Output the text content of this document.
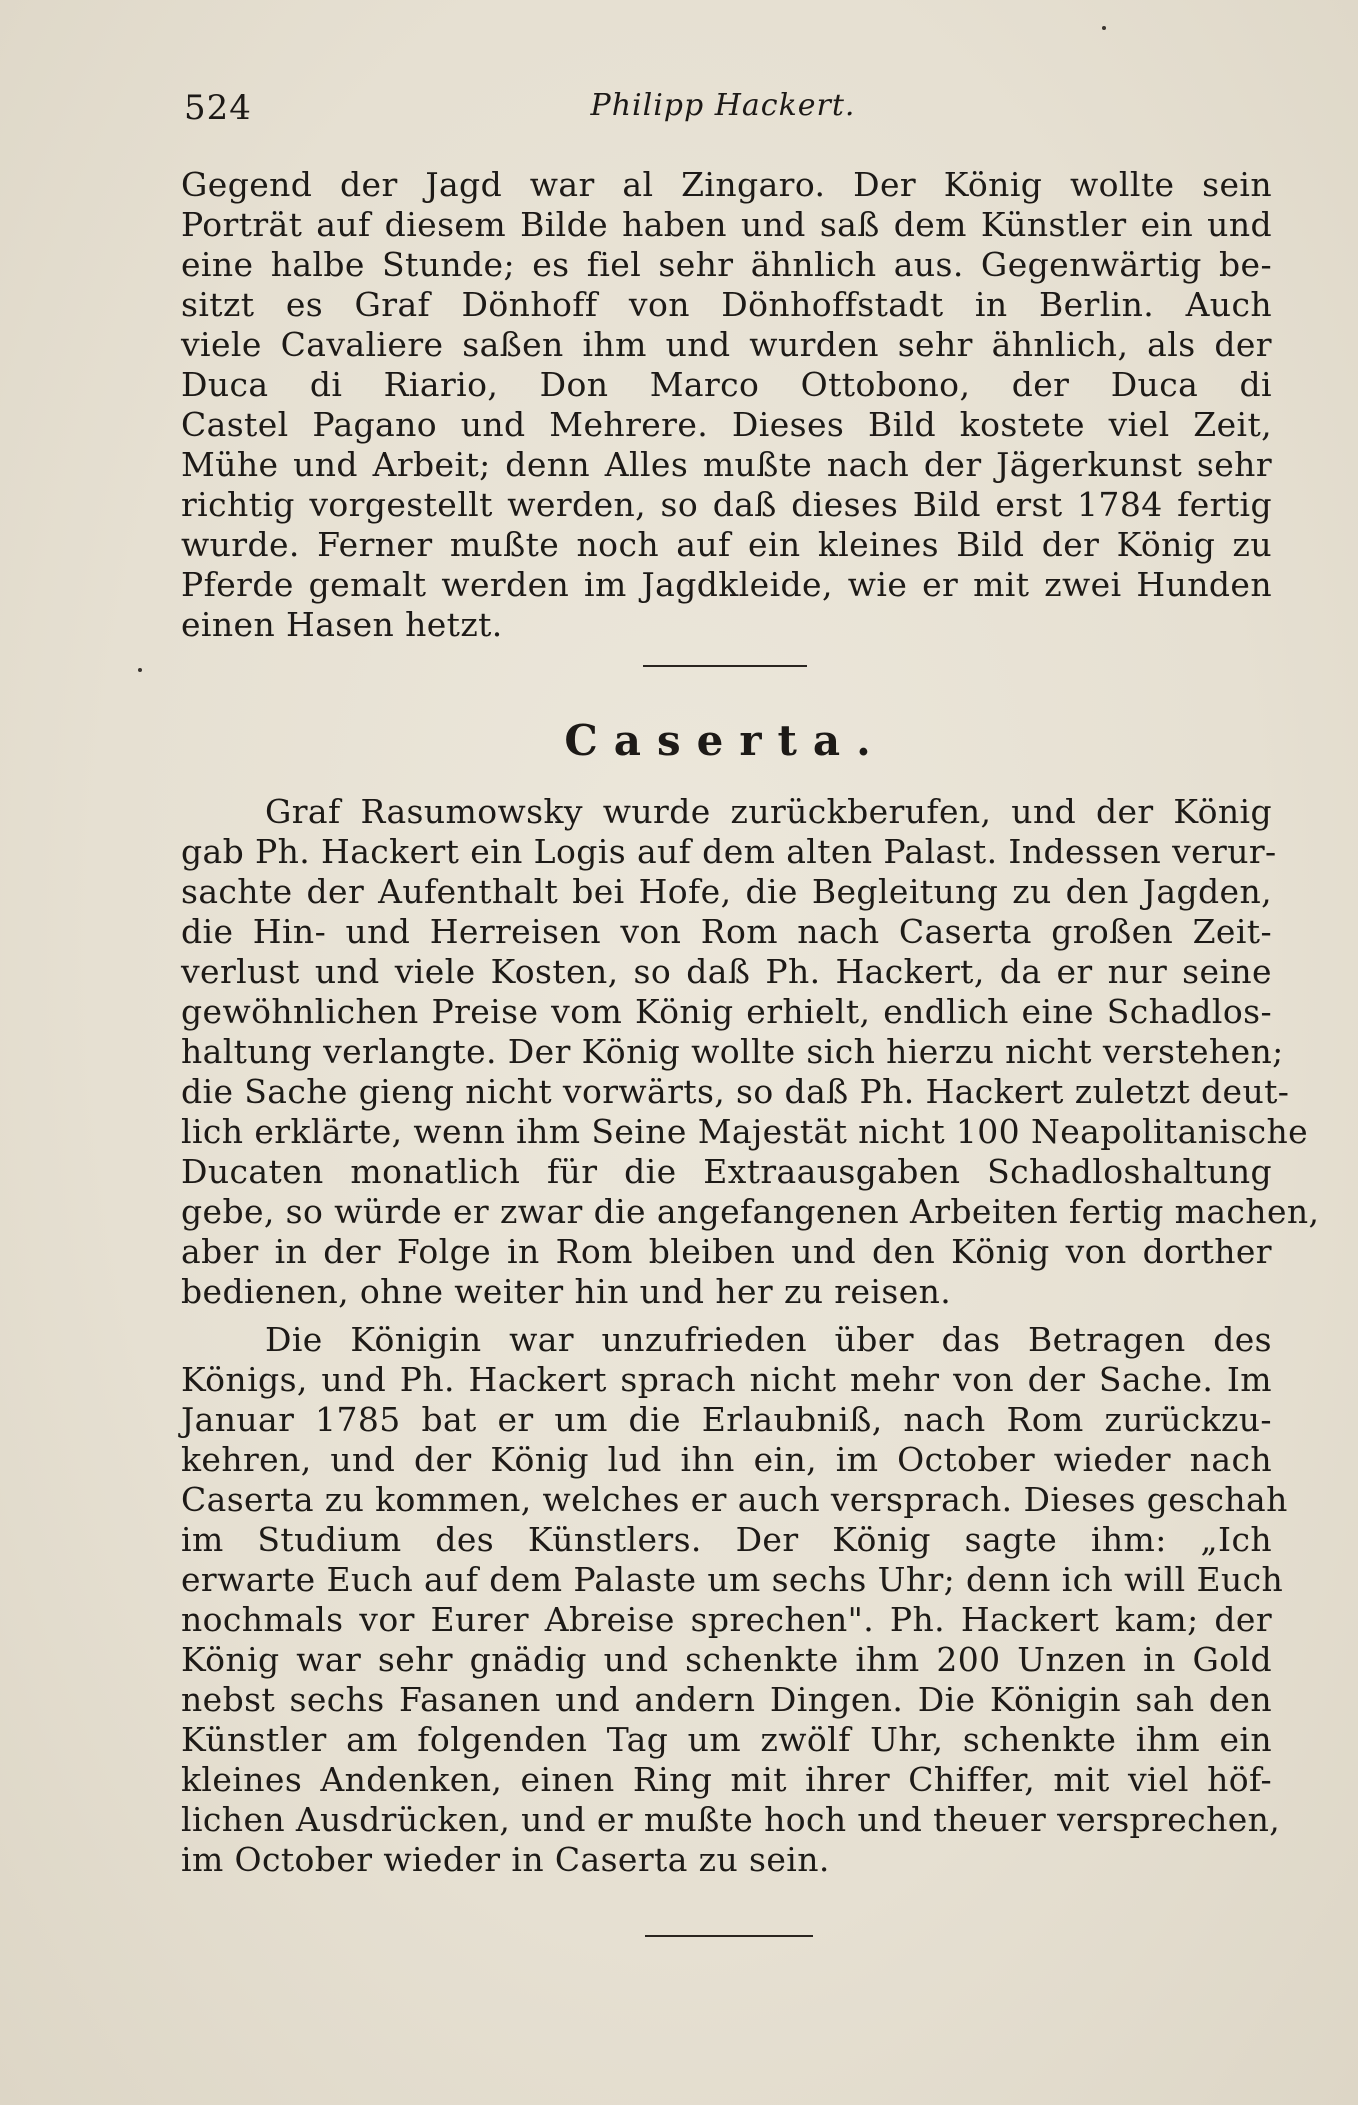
Philipp Hackert.
524
Gegend der Jagd war al Zingaro. Der König wollte sein
Porträt auf diesem Bilde haben und saß dem Künstler ein und
eine halbe Stunde; es fiel sehr ähnlich aus. Gegenwärtig be-
sitzt es Graf Dönhoff von Dönhoffstadt in Berlin. Auch
viele Cavaliere saßen ihm und wurden sehr ähnlich, als der
Duca di Riario, Don Marco Ottobono, der Duca di
Castel Pagano und Mehrere. Dieses Bild kostete viel Zeit,
Mühe und Arbeit; denn Alles mußte nach der Jägerkunst sehr
richtig vorgestellt werden, so daß dieses Bild erst 1784 fertig
wurde. Ferner mußte noch auf ein kleines Bild der König zu
Pferde gemalt werden im Jagdkleide, wie er mit zwei Hunden
einen Hasen hetzt.
Caserta.
Graf Rasumowsky wurde zurückberufen, und der König
gab Ph. Hackert ein Logis auf dem alten Palast. Indessen verur-
sachte der Aufenthalt bei Hofe, die Begleitung zu den Jagden,
die Hin- und Herreisen von Rom nach Caserta großen Zeit-
verlust und viele Kosten, so daß Ph. Hackert, da er nur seine
gewöhnlichen Preise vom König erhielt, endlich eine Schadlos-
haltung verlangte. Der König wollte sich hierzu nicht verstehen;
die Sache gieng nicht vorwärts, so daß Ph. Hackert zuletzt deut-
lich erklärte, wenn ihm Seine Majestät nicht 100 Neapolitanische
Ducaten monatlich für die Extraausgaben Schadloshaltung
gebe, so würde er zwar die angefangenen Arbeiten fertig machen,
aber in der Folge in Rom bleiben und den König von dorther
bedienen, ohne weiter hin und her zu reisen.
Die Königin war unzufrieden über das Betragen des
Königs, und Ph. Hackert sprach nicht mehr von der Sache. Im
Januar 1785 bat er um die Erlaubniß, nach Rom zurückzu-
kehren, und der König lud ihn ein, im October wieder nach
Caserta zu kommen, welches er auch versprach. Dieses geschah
im Studium des Künstlers. Der König sagte ihm: „Ich
erwarte Euch auf dem Palaste um sechs Uhr; denn ich will Euch
nochmals vor Eurer Abreise sprechen". Ph. Hackert kam; der
König war sehr gnädig und schenkte ihm 200 Unzen in Gold
nebst sechs Fasanen und andern Dingen. Die Königin sah den
Künstler am folgenden Tag um zwölf Uhr, schenkte ihm ein
kleines Andenken, einen Ring mit ihrer Chiffer, mit viel höf-
lichen Ausdrücken, und er mußte hoch und theuer versprechen,
im October wieder in Caserta zu sein.
